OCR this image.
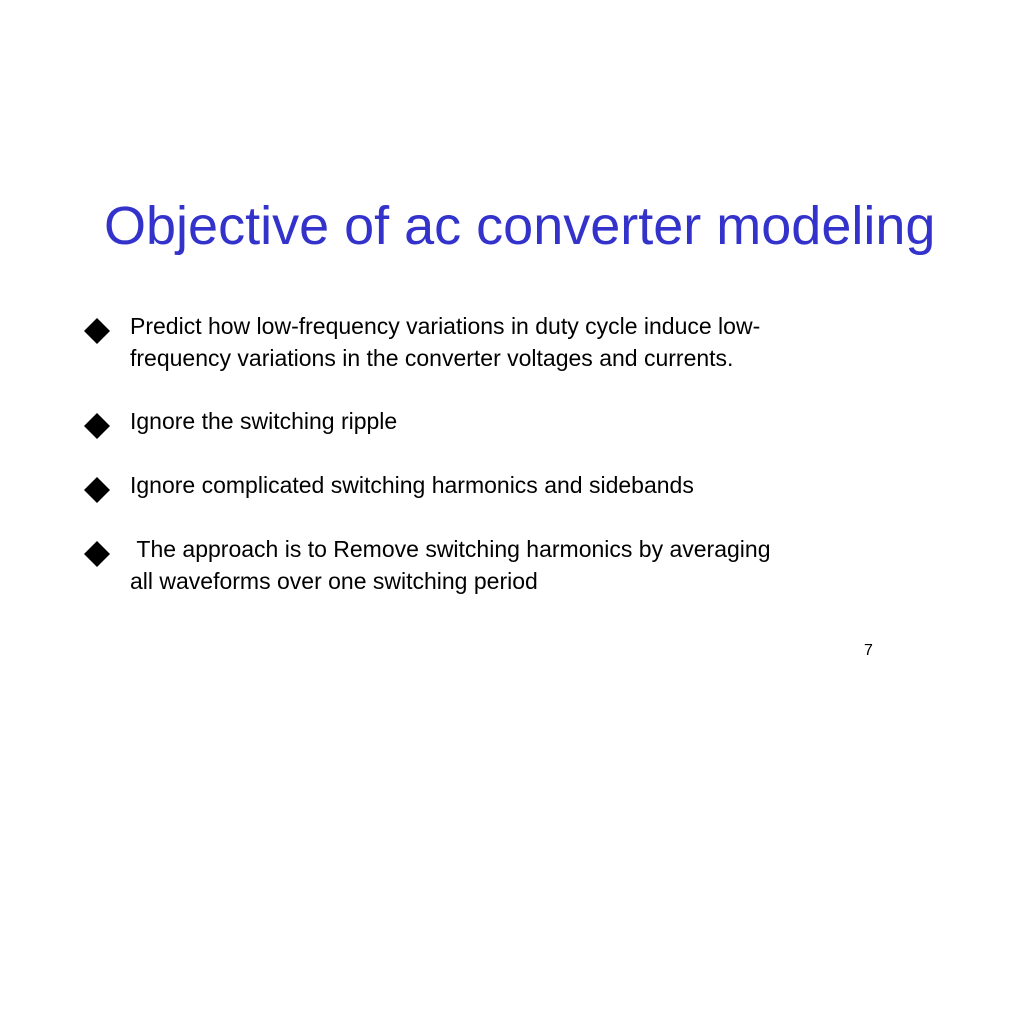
Objective of ac converter modeling
Predict how low-frequency variations in duty cycle induce low-
frequency variations in the converter voltages and currents.
Ignore the switching ripple
Ignore complicated switching harmonics and sidebands
The approach is to Remove switching harmonics by averaging
all waveforms over one switching period
7
